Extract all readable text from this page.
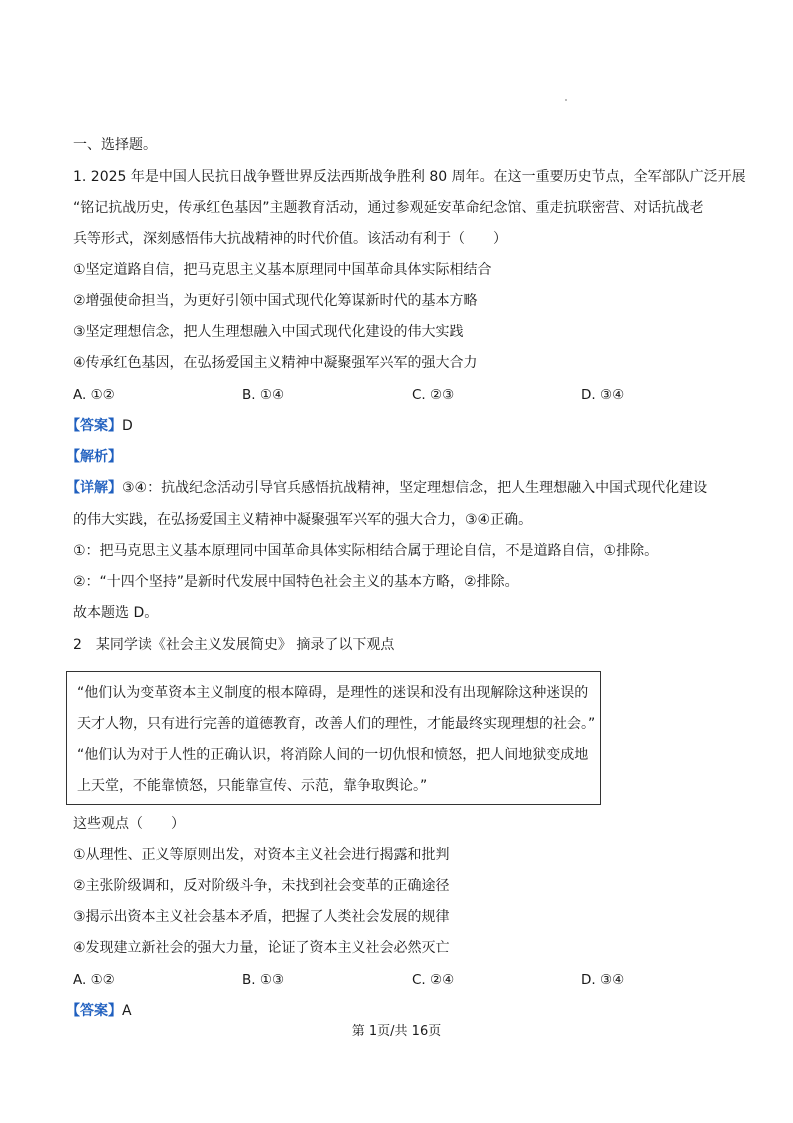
一、选择题。
1. 2025 年是中国人民抗日战争暨世界反法西斯战争胜利 80 周年。在这一重要历史节点，全军部队广泛开展
“铭记抗战历史，传承红色基因”主题教育活动，通过参观延安革命纪念馆、重走抗联密营、对话抗战老
兵等形式，深刻感悟伟大抗战精神的时代价值。该活动有利于（　　）
①坚定道路自信，把马克思主义基本原理同中国革命具体实际相结合
②增强使命担当，为更好引领中国式现代化筹谋新时代的基本方略
③坚定理想信念，把人生理想融入中国式现代化建设的伟大实践
④传承红色基因，在弘扬爱国主义精神中凝聚强军兴军的强大合力
A. ①②	B. ①④	C. ②③	D. ③④
【答案】D
【解析】
【详解】③④：抗战纪念活动引导官兵感悟抗战精神，坚定理想信念，把人生理想融入中国式现代化建设
的伟大实践，在弘扬爱国主义精神中凝聚强军兴军的强大合力，③④正确。
①：把马克思主义基本原理同中国革命具体实际相结合属于理论自信，不是道路自信，①排除。
②：“十四个坚持”是新时代发展中国特色社会主义的基本方略，②排除。
故本题选 D。
2　某同学读《社会主义发展简史》 摘录了以下观点
“他们认为变革资本主义制度的根本障碍，是理性的迷误和没有出现解除这种迷误的
天才人物，只有进行完善的道德教育，改善人们的理性，才能最终实现理想的社会。”
“他们认为对于人性的正确认识，将消除人间的一切仇恨和愤怒，把人间地狱变成地
上天堂，不能靠愤怒，只能靠宣传、示范，靠争取舆论。”
这些观点（　　）
①从理性、正义等原则出发，对资本主义社会进行揭露和批判
②主张阶级调和，反对阶级斗争，未找到社会变革的正确途径
③揭示出资本主义社会基本矛盾，把握了人类社会发展的规律
④发现建立新社会的强大力量，论证了资本主义社会必然灭亡
A. ①②	B. ①③	C. ②④	D. ③④
【答案】A
第 1页/共 16页
